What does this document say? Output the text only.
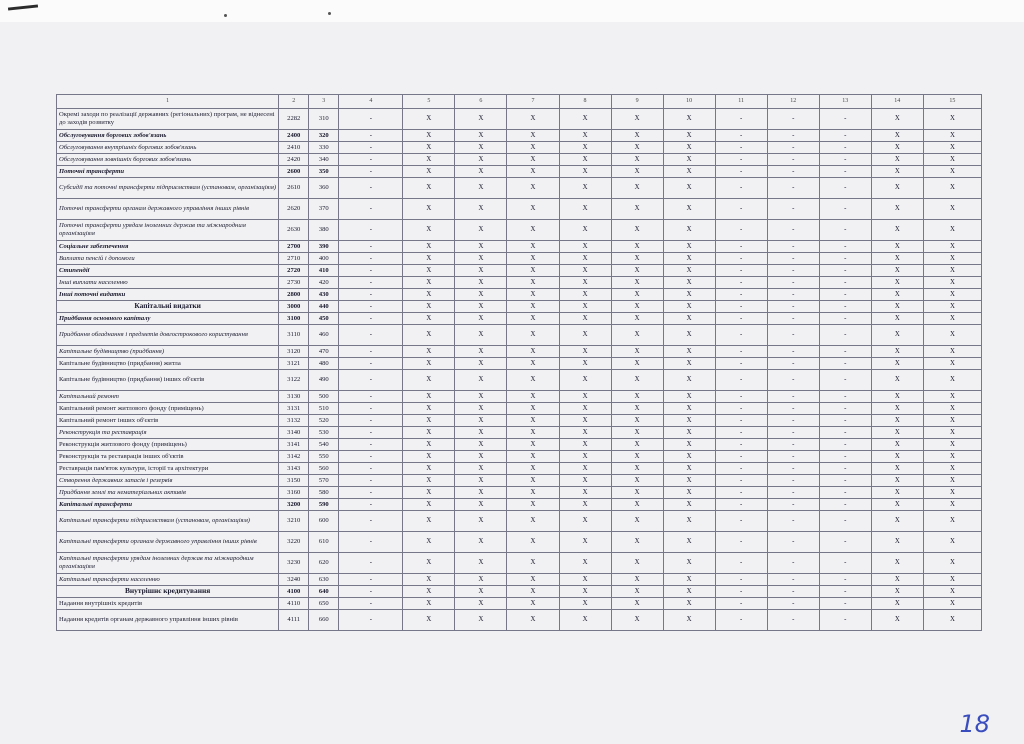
1	2	3	4	5	6	7	8	9	10	11	12	13	14	15
Окремі заходи по реалізації державних (регіональних) програм, не віднесені до заходів розвитку	2282	310	-	X	X	X	X	X	X	-	-	-	X	X
Обслуговування боргових зобов'язань	2400	320	-	X	X	X	X	X	X	-	-	-	X	X
Обслуговування внутрішніх боргових зобов'язань	2410	330	-	X	X	X	X	X	X	-	-	-	X	X
Обслуговування зовнішніх боргових зобов'язань	2420	340	-	X	X	X	X	X	X	-	-	-	X	X
Поточні трансферти	2600	350	-	X	X	X	X	X	X	-	-	-	X	X
Субсидії та поточні трансферти підприємствам (установам, організаціям)	2610	360	-	X	X	X	X	X	X	-	-	-	X	X
Поточні трансферти органам державного управління інших рівнів	2620	370	-	X	X	X	X	X	X	-	-	-	X	X
Поточні трансферти урядам іноземних держав та міжнародним організаціям	2630	380	-	X	X	X	X	X	X	-	-	-	X	X
Соціальне забезпечення	2700	390	-	X	X	X	X	X	X	-	-	-	X	X
Виплата пенсій і допомоги	2710	400	-	X	X	X	X	X	X	-	-	-	X	X
Стипендії	2720	410	-	X	X	X	X	X	X	-	-	-	X	X
Інші виплати населенню	2730	420	-	X	X	X	X	X	X	-	-	-	X	X
Інші поточні видатки	2800	430	-	X	X	X	X	X	X	-	-	-	X	X
Капітальні видатки	3000	440	-	X	X	X	X	X	X	-	-	-	X	X
Придбання основного капіталу	3100	450	-	X	X	X	X	X	X	-	-	-	X	X
Придбання обладнання і предметів довгострокового користування	3110	460	-	X	X	X	X	X	X	-	-	-	X	X
Капітальне будівництво (придбання)	3120	470	-	X	X	X	X	X	X	-	-	-	X	X
Капітальне будівництво (придбання) житла	3121	480	-	X	X	X	X	X	X	-	-	-	X	X
Капітальне будівництво (придбання) інших об'єктів	3122	490	-	X	X	X	X	X	X	-	-	-	X	X
Капітальний ремонт	3130	500	-	X	X	X	X	X	X	-	-	-	X	X
Капітальний ремонт житлового фонду (приміщень)	3131	510	-	X	X	X	X	X	X	-	-	-	X	X
Капітальний ремонт інших об'єктів	3132	520	-	X	X	X	X	X	X	-	-	-	X	X
Реконструкція та реставрація	3140	530	-	X	X	X	X	X	X	-	-	-	X	X
Реконструкція житлового фонду (приміщень)	3141	540	-	X	X	X	X	X	X	-	-	-	X	X
Реконструкція та реставрація інших об'єктів	3142	550	-	X	X	X	X	X	X	-	-	-	X	X
Реставрація пам'яток культури, історії та архітектури	3143	560	-	X	X	X	X	X	X	-	-	-	X	X
Створення державних запасів і резервів	3150	570	-	X	X	X	X	X	X	-	-	-	X	X
Придбання землі та нематеріальних активів	3160	580	-	X	X	X	X	X	X	-	-	-	X	X
Капітальні трансферти	3200	590	-	X	X	X	X	X	X	-	-	-	X	X
Капітальні трансферти підприємствам (установам, організаціям)	3210	600	-	X	X	X	X	X	X	-	-	-	X	X
Капітальні трансферти органам державного управління інших рівнів	3220	610	-	X	X	X	X	X	X	-	-	-	X	X
Капітальні трансферти урядам іноземних держав та міжнародним організаціям	3230	620	-	X	X	X	X	X	X	-	-	-	X	X
Капітальні трансферти населенню	3240	630	-	X	X	X	X	X	X	-	-	-	X	X
Внутрішнє кредитування	4100	640	-	X	X	X	X	X	X	-	-	-	X	X
Надання внутрішніх кредитів	4110	650	-	X	X	X	X	X	X	-	-	-	X	X
Надання кредитів органам державного управління інших рівнів	4111	660	-	X	X	X	X	X	X	-	-	-	X	X
18
